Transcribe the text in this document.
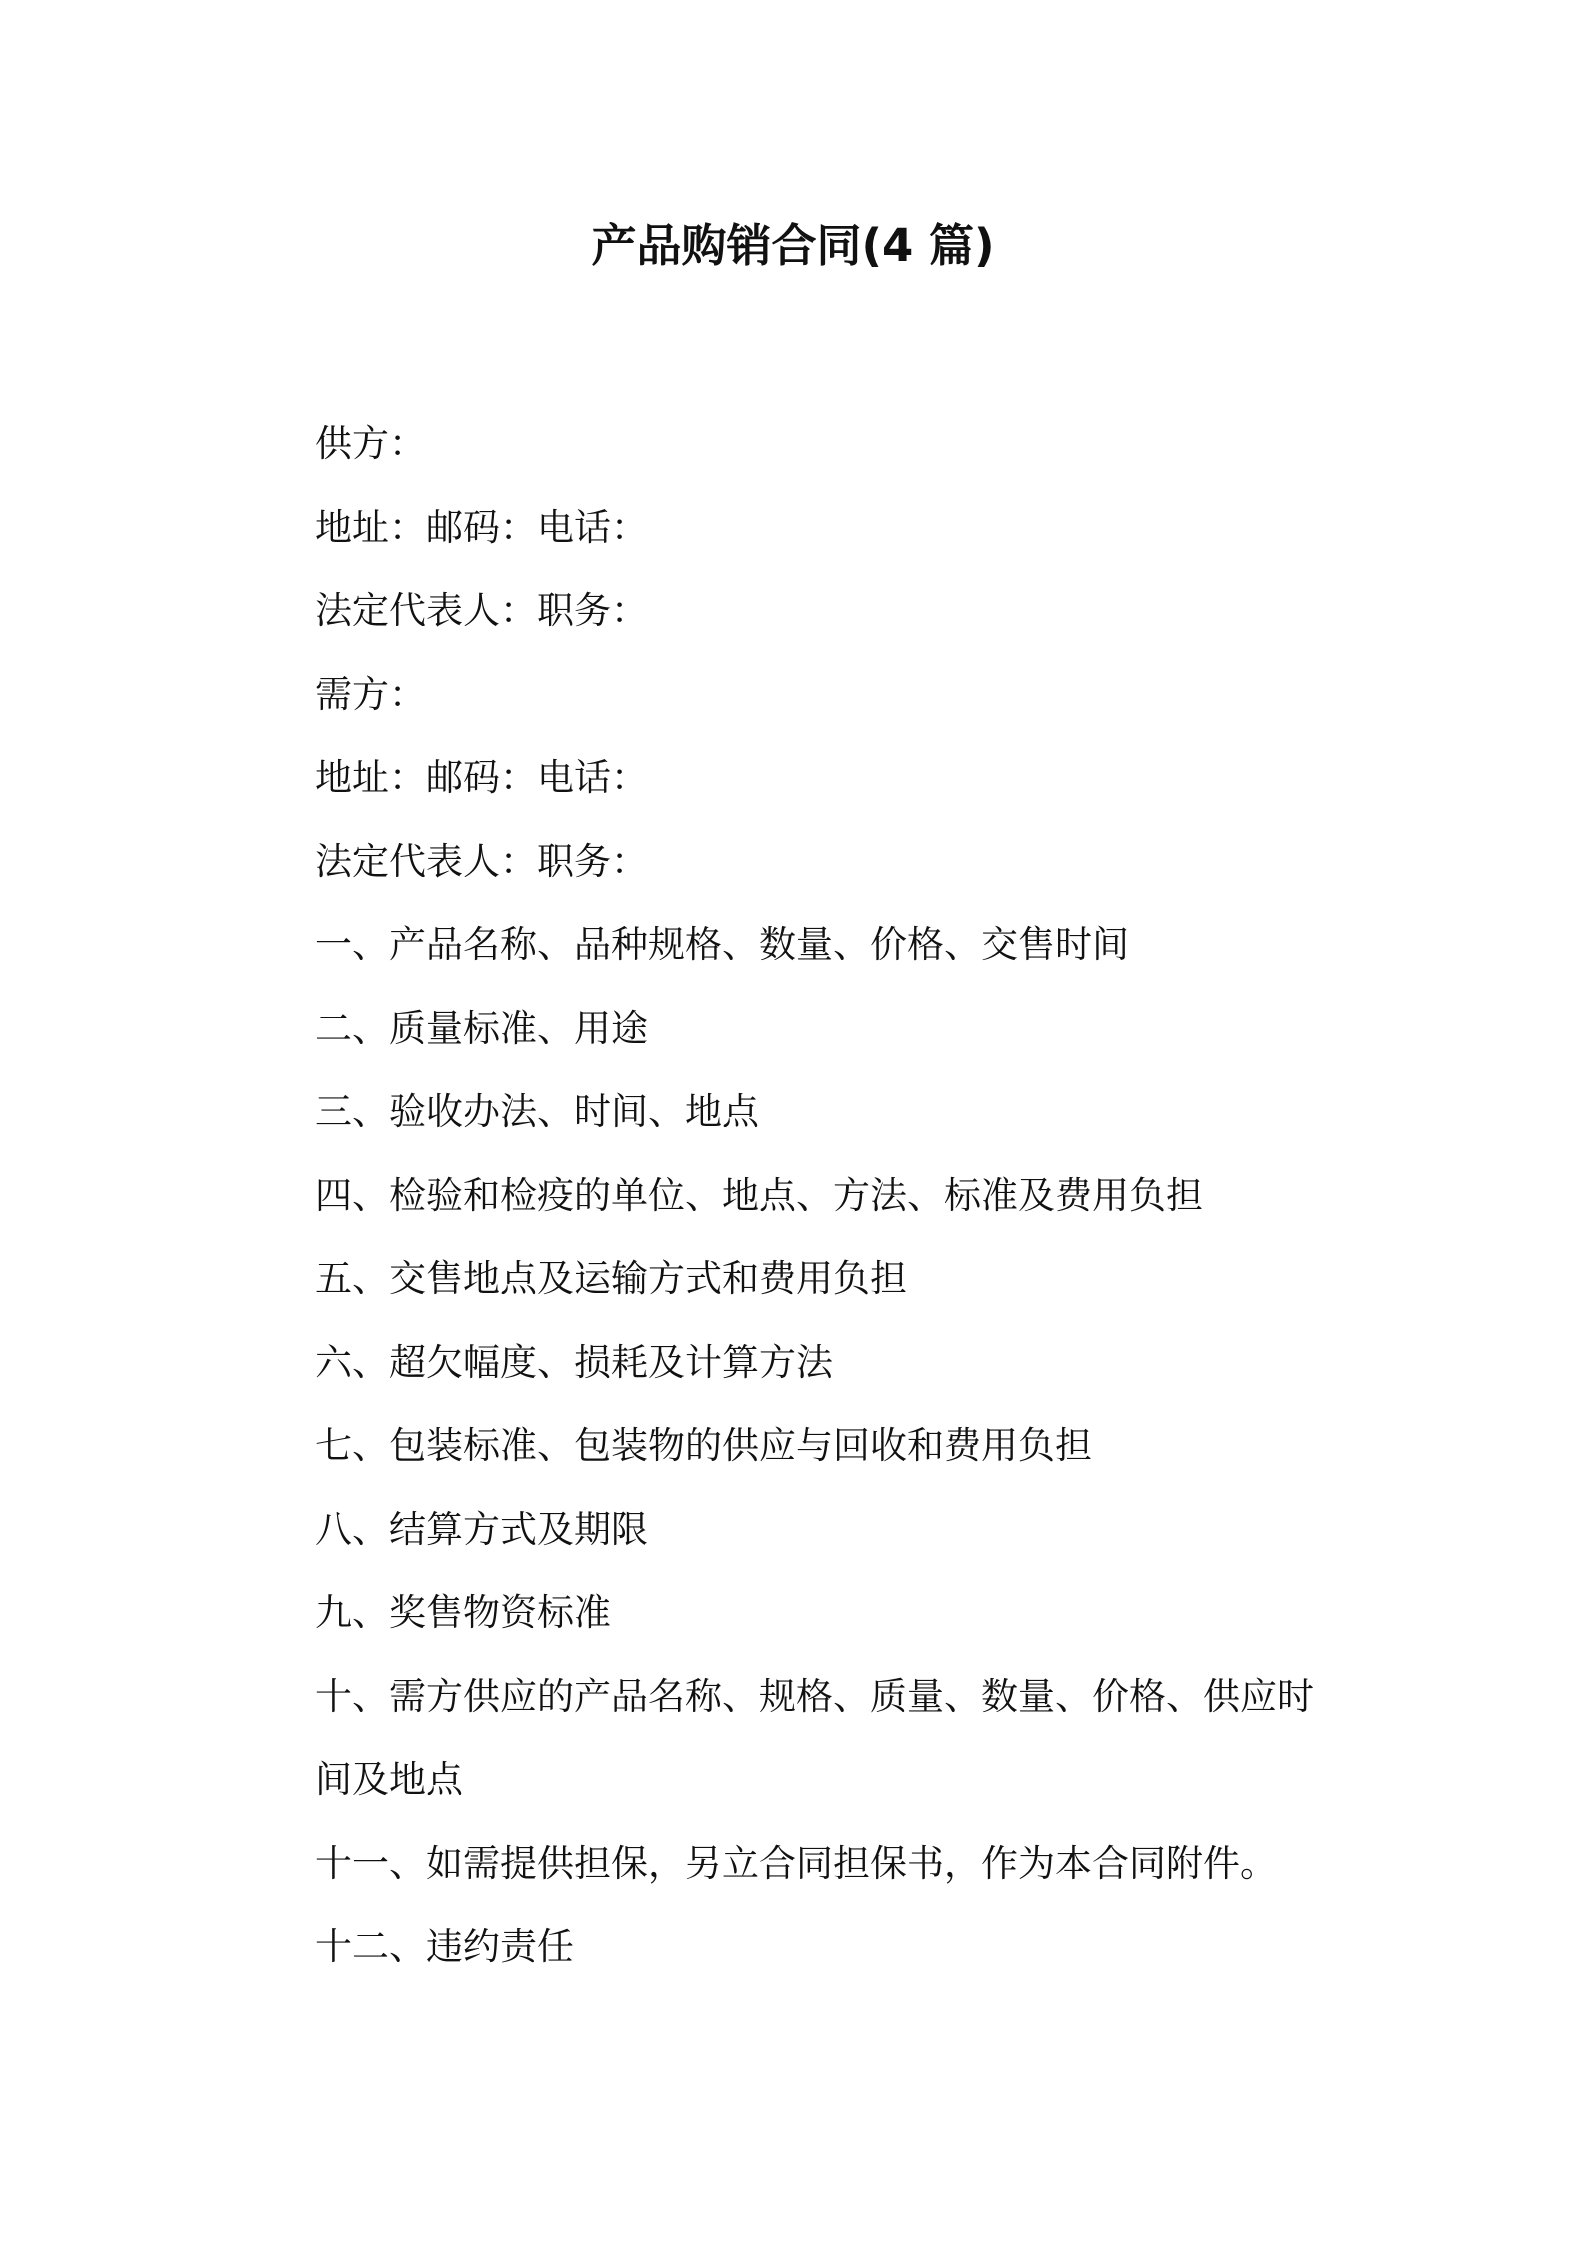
产品购销合同(4 篇)

供方：

地址：邮码：电话：

法定代表人：职务：

需方：

地址：邮码：电话：

法定代表人：职务：

一、产品名称、品种规格、数量、价格、交售时间

二、质量标准、用途

三、验收办法、时间、地点

四、检验和检疫的单位、地点、方法、标准及费用负担

五、交售地点及运输方式和费用负担

六、超欠幅度、损耗及计算方法

七、包装标准、包装物的供应与回收和费用负担

八、结算方式及期限

九、奖售物资标准

十、需方供应的产品名称、规格、质量、数量、价格、供应时间及地点

十一、如需提供担保，另立合同担保书，作为本合同附件。

十二、违约责任
